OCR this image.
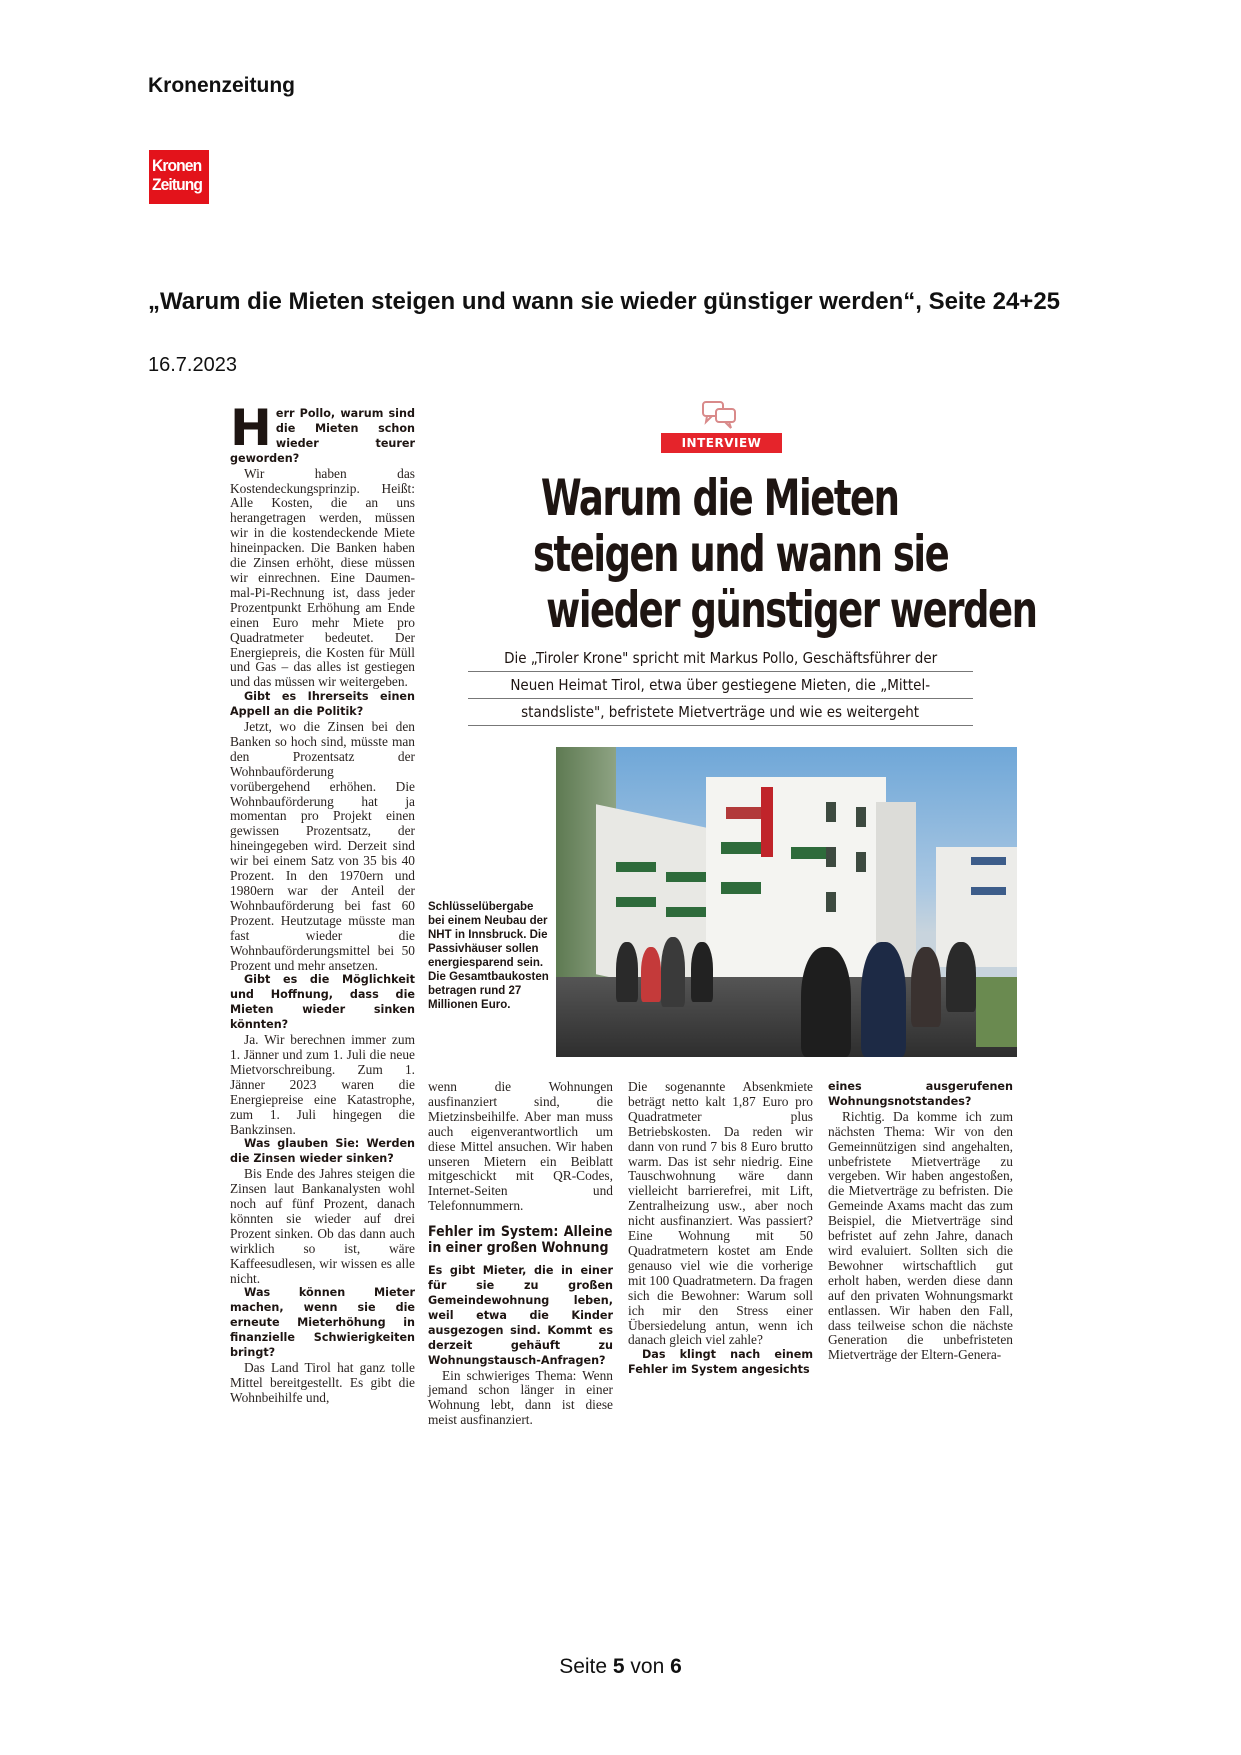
Kronenzeitung
Kronen
Zeitung
„Warum die Mieten steigen und wann sie wieder günstiger werden“, Seite 24+25
16.7.2023

Herr Pollo, warum sind die Mieten schon wieder teurer geworden?

Wir haben das Kostendeckungsprinzip. Heißt: Alle Kosten, die an uns herangetragen werden, müssen wir in die kostendeckende Miete hineinpacken. Die Banken haben die Zinsen erhöht, diese müssen wir einrechnen. Eine Daumen-mal-Pi-Rechnung ist, dass jeder Prozentpunkt Erhöhung am Ende einen Euro mehr Miete pro Quadratmeter bedeutet. Der Energiepreis, die Kosten für Müll und Gas – das alles ist gestiegen und das müssen wir weitergeben.

Gibt es Ihrerseits einen Appell an die Politik?

Jetzt, wo die Zinsen bei den Banken so hoch sind, müsste man den Prozentsatz der Wohnbauförderung vorübergehend erhöhen. Die Wohnbauförderung hat ja momentan pro Projekt einen gewissen Prozentsatz, der hineingegeben wird. Derzeit sind wir bei einem Satz von 35 bis 40 Prozent. In den 1970ern und 1980ern war der Anteil der Wohnbauförderung bei fast 60 Prozent. Heutzutage müsste man fast wieder die Wohnbauförderungsmittel bei 50 Prozent und mehr ansetzen.

Gibt es die Möglichkeit und Hoffnung, dass die Mieten wieder sinken könnten?

Ja. Wir berechnen immer zum 1. Jänner und zum 1. Juli die neue Mietvorschreibung. Zum 1. Jänner 2023 waren die Energiepreise eine Katastrophe, zum 1. Juli hingegen die Bankzinsen.

Was glauben Sie: Werden die Zinsen wieder sinken?

Bis Ende des Jahres steigen die Zinsen laut Bankanalysten wohl noch auf fünf Prozent, danach könnten sie wieder auf drei Prozent sinken. Ob das dann auch wirklich so ist, wäre Kaffeesudlesen, wir wissen es alle nicht.

Was können Mieter machen, wenn sie die erneute Mieterhöhung in finanzielle Schwierigkeiten bringt?

Das Land Tirol hat ganz tolle Mittel bereitgestellt. Es gibt die Wohnbeihilfe und,

INTERVIEW
Warum die Mieten
steigen und wann sie
wieder günstiger werden
Die „Tiroler Krone" spricht mit Markus Pollo, Geschäftsführer der
Neuen Heimat Tirol, etwa über gestiegene Mieten, die „Mittel-
standsliste", befristete Mietverträge und wie es weitergeht
Schlüsselübergabe bei einem Neubau der NHT in Innsbruck. Die Passivhäuser sollen energiesparend sein. Die Gesamtbaukosten betragen rund 27 Millionen Euro.

wenn die Wohnungen ausfinanziert sind, die Mietzinsbeihilfe. Aber man muss auch eigenverantwortlich um diese Mittel ansuchen. Wir haben unseren Mietern ein Beiblatt mitgeschickt mit QR-Codes, Internet-Seiten und Telefonnummern.

Fehler im System: Alleine in einer großen Wohnung

Es gibt Mieter, die in einer für sie zu großen Gemeindewohnung leben, weil etwa die Kinder ausgezogen sind. Kommt es derzeit gehäuft zu Wohnungstausch-Anfragen?

Ein schwieriges Thema: Wenn jemand schon länger in einer Wohnung lebt, dann ist diese meist ausfinanziert.

Die sogenannte Absenkmiete beträgt netto kalt 1,87 Euro pro Quadratmeter plus Betriebskosten. Da reden wir dann von rund 7 bis 8 Euro brutto warm. Das ist sehr niedrig. Eine Tauschwohnung wäre dann vielleicht barrierefrei, mit Lift, Zentralheizung usw., aber noch nicht ausfinanziert. Was passiert? Eine Wohnung mit 50 Quadratmetern kostet am Ende genauso viel wie die vorherige mit 100 Quadratmetern. Da fragen sich die Bewohner: Warum soll ich mir den Stress einer Übersiedelung antun, wenn ich danach gleich viel zahle?

Das klingt nach einem Fehler im System angesichts

eines ausgerufenen Wohnungsnotstandes?

Richtig. Da komme ich zum nächsten Thema: Wir von den Gemeinnützigen sind angehalten, unbefristete Mietverträge zu vergeben. Wir haben angestoßen, die Mietverträge zu befristen. Die Gemeinde Axams macht das zum Beispiel, die Mietverträge sind befristet auf zehn Jahre, danach wird evaluiert. Sollten sich die Bewohner wirtschaftlich gut erholt haben, werden diese dann auf den privaten Wohnungsmarkt entlassen. Wir haben den Fall, dass teilweise schon die nächste Generation die unbefristeten Mietverträge der Eltern-Genera-

Seite 5 von 6
